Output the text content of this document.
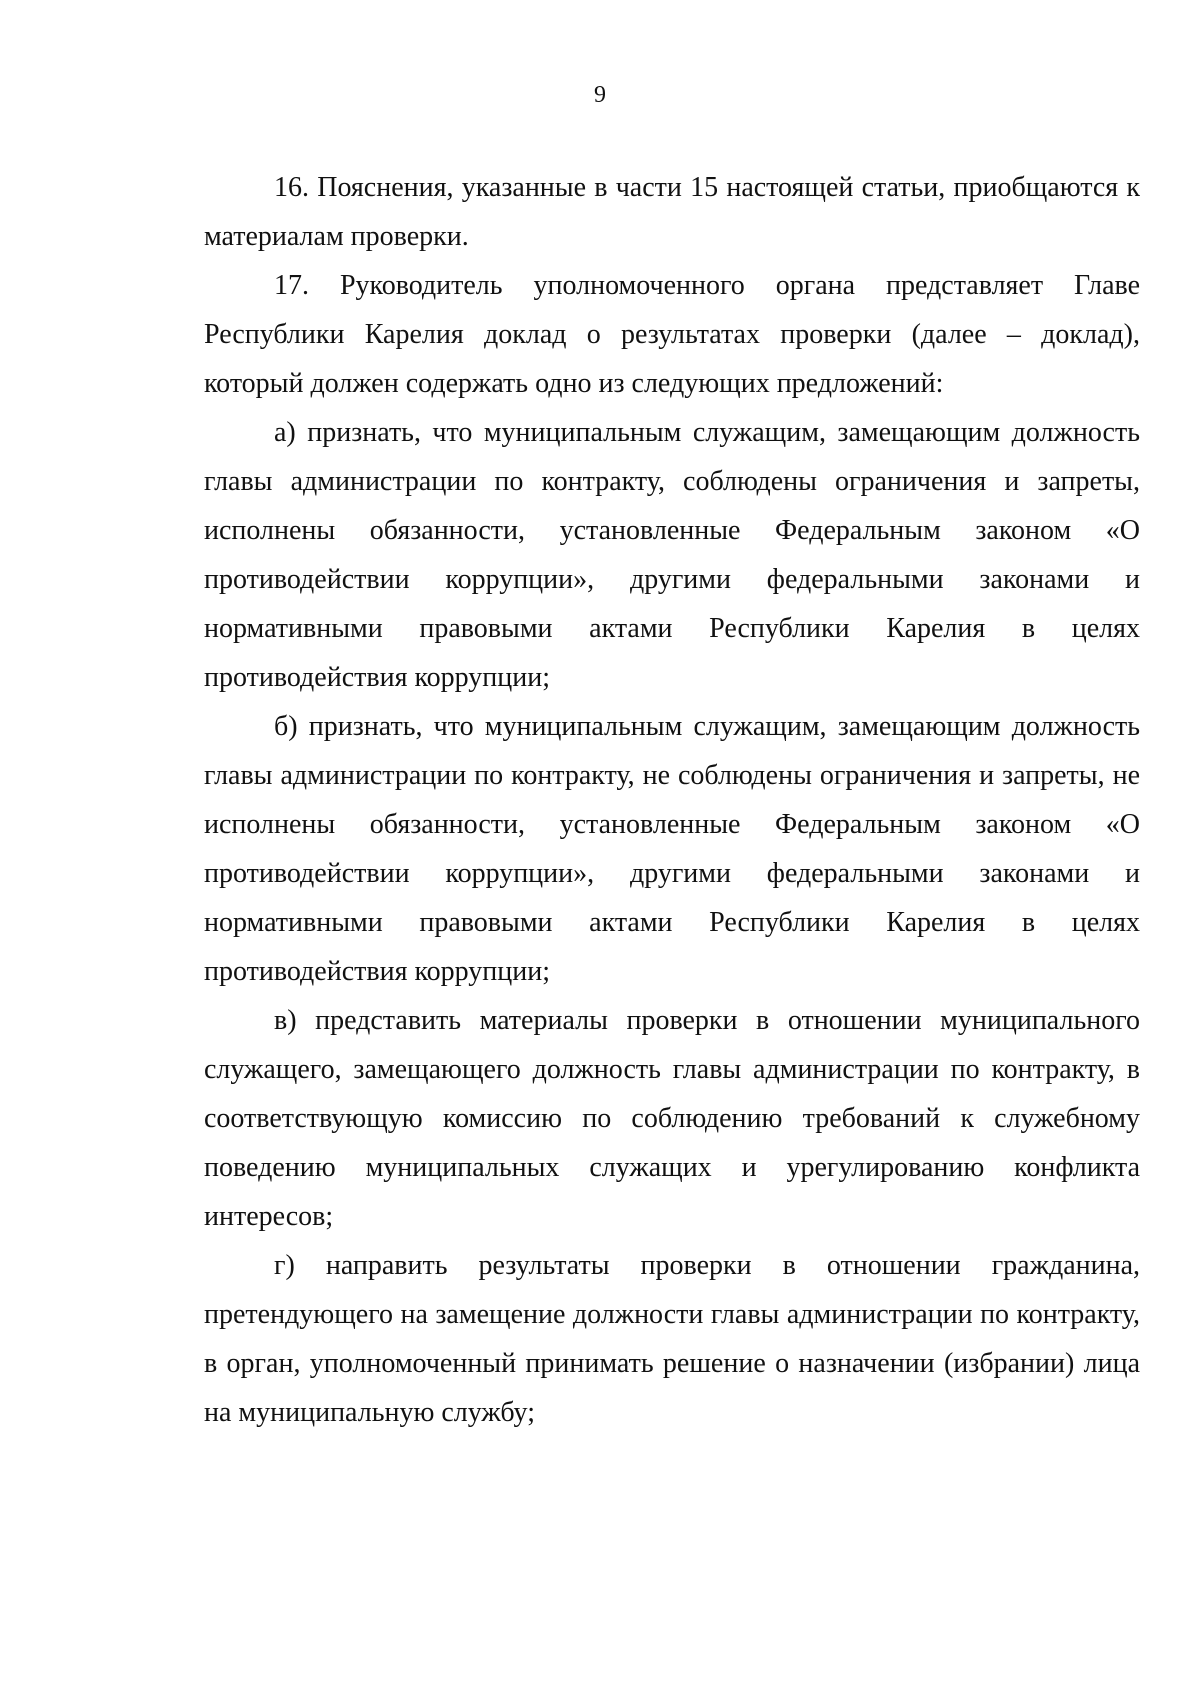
9

16. Пояснения, указанные в части 15 настоящей статьи, приобщаются к материалам проверки.

17. Руководитель уполномоченного органа представляет Главе Республики Карелия доклад о результатах проверки (далее – доклад), который должен содержать одно из следующих предложений:

а) признать, что муниципальным служащим, замещающим должность главы администрации по контракту, соблюдены ограничения и запреты, исполнены обязанности, установленные Федеральным законом «О противодействии коррупции», другими федеральными законами и нормативными правовыми актами Республики Карелия в целях противодействия коррупции;

б) признать, что муниципальным служащим, замещающим должность главы администрации по контракту, не соблюдены ограничения и запреты, не исполнены обязанности, установленные Федеральным законом «О противодействии коррупции», другими федеральными законами и нормативными правовыми актами Республики Карелия в целях противодействия коррупции;

в) представить материалы проверки в отношении муниципального служащего, замещающего должность главы администрации по контракту, в соответствующую комиссию по соблюдению требований к служебному поведению муниципальных служащих и урегулированию конфликта интересов;

г) направить результаты проверки в отношении гражданина, претендующего на замещение должности главы администрации по контракту, в орган, уполномоченный принимать решение о назначении (избрании) лица на муниципальную службу;
